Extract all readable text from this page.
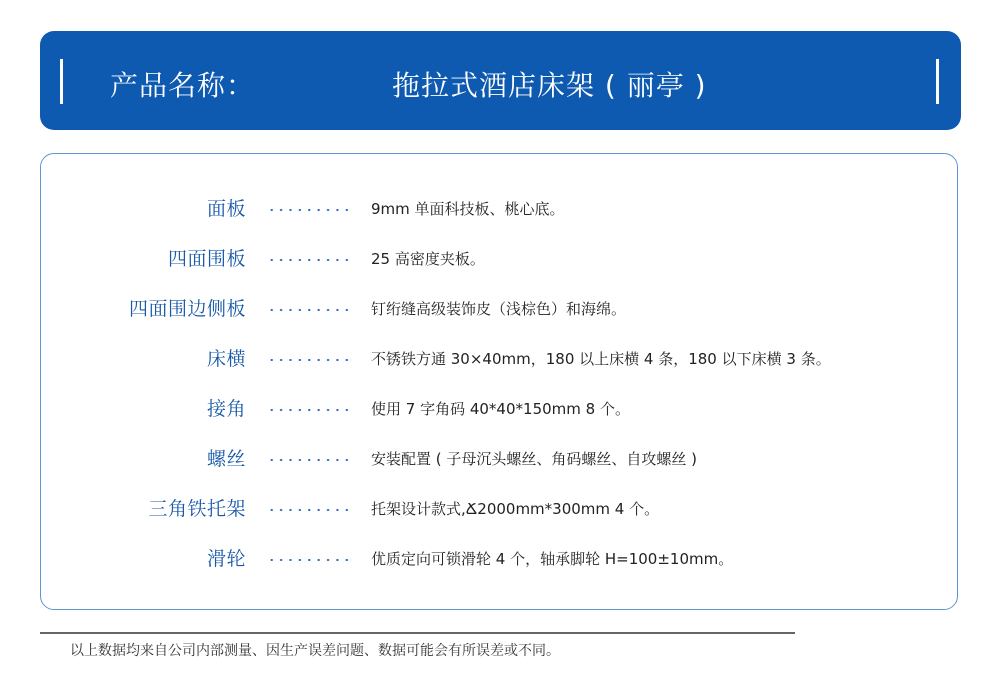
产品名称：	拖拉式酒店床架 ( 丽亭 )
面板	9mm 单面科技板、桃心底。
四面围板	25 高密度夹板。
四面围边侧板	钉绗缝高级装饰皮（浅棕色）和海绵。
床横	不锈铁方通 30×40mm，180 以上床横 4 条，180 以下床横 3 条。
接角	使用 7 字角码 40*40*150mm 8 个。
螺丝	安装配置 ( 子母沉头螺丝、角码螺丝、自攻螺丝 )
三角铁托架	托架设计款式,Ճ2000mm*300mm 4 个。
滑轮	优质定向可锁滑轮 4 个，轴承脚轮 H=100±10mm。
以上数据均来自公司内部测量、因生产误差问题、数据可能会有所误差或不同。
